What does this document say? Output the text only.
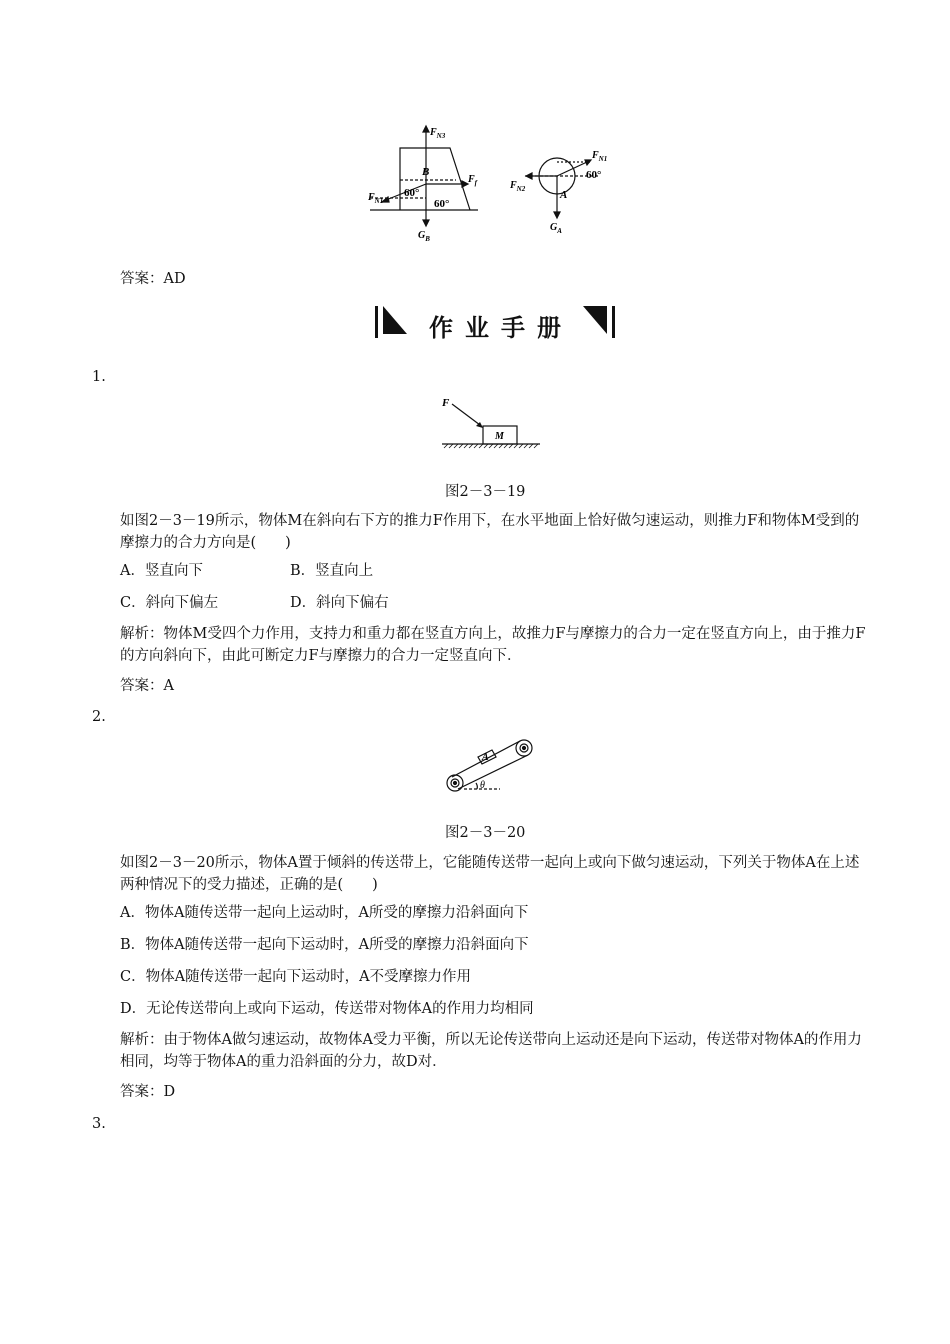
$F_{N3}$
B
$F_f$
60°
60°
$F_{N1}$
$G_B$
$F_{N1}$
60°
$F_{N2}$	A
$G_A$
答案：AD
作业手册
1.
F
M
图2－3－19
如图2－3－19所示，物体M在斜向右下方的推力F作用下，在水平地面上恰好做匀速运动，则推力F和物体M受到的摩擦力的合力方向是(　　)
A．竖直向下	B．竖直向上
C．斜向下偏左	D．斜向下偏右
解析：物体M受四个力作用，支持力和重力都在竖直方向上，故推力F与摩擦力的合力一定在竖直方向上，由于推力F的方向斜向下，由此可断定力F与摩擦力的合力一定竖直向下．
答案：A
2.
A
θ
图2－3－20
如图2－3－20所示，物体A置于倾斜的传送带上，它能随传送带一起向上或向下做匀速运动，下列关于物体A在上述两种情况下的受力描述，正确的是(　　)
A．物体A随传送带一起向上运动时，A所受的摩擦力沿斜面向下
B．物体A随传送带一起向下运动时，A所受的摩擦力沿斜面向下
C．物体A随传送带一起向下运动时，A不受摩擦力作用
D．无论传送带向上或向下运动，传送带对物体A的作用力均相同
解析：由于物体A做匀速运动，故物体A受力平衡，所以无论传送带向上运动还是向下运动，传送带对物体A的作用力相同，均等于物体A的重力沿斜面的分力，故D对．
答案：D
3.
